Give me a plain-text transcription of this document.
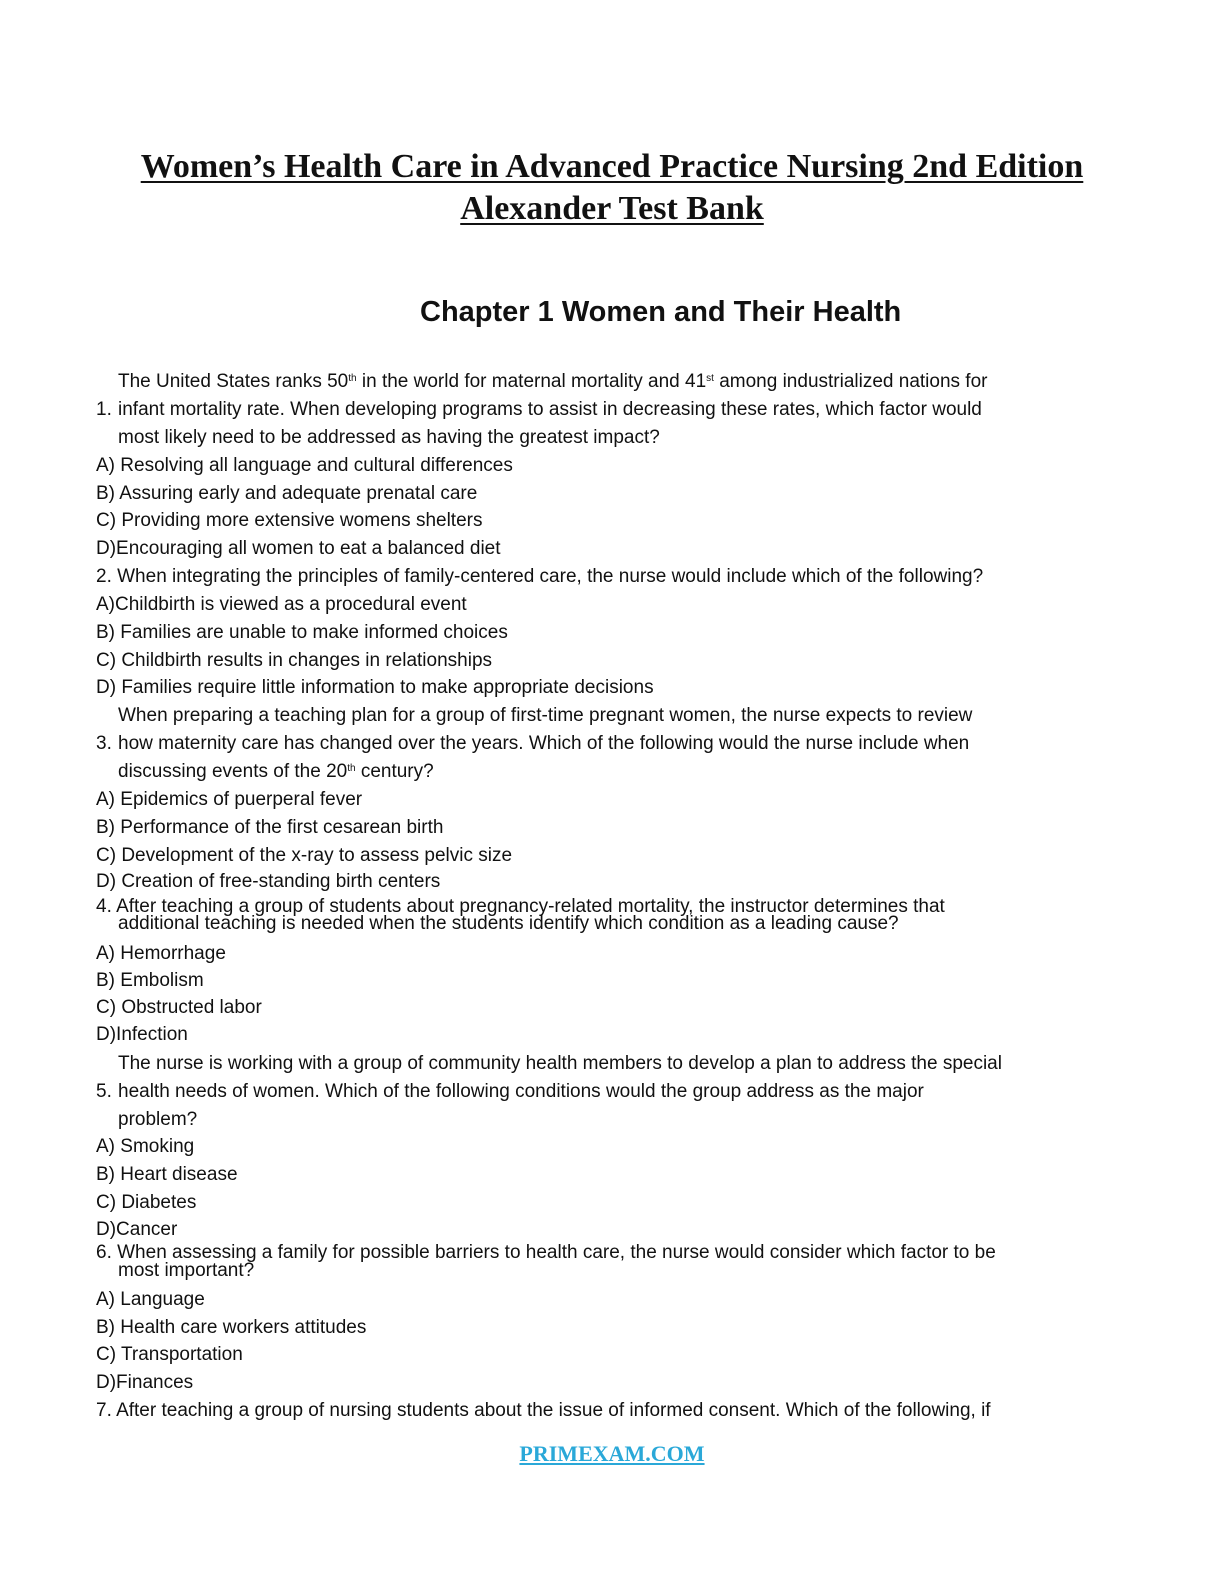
Women’s Health Care in Advanced Practice Nursing 2nd Edition
Alexander Test Bank
Chapter 1 Women and Their Health
The United States ranks 50th in the world for maternal mortality and 41st among industrialized nations for
1. infant mortality rate. When developing programs to assist in decreasing these rates, which factor would
most likely need to be addressed as having the greatest impact?
A) Resolving all language and cultural differences
B) Assuring early and adequate prenatal care
C) Providing more extensive womens shelters
D)Encouraging all women to eat a balanced diet
2. When integrating the principles of family-centered care, the nurse would include which of the following?
A)Childbirth is viewed as a procedural event
B) Families are unable to make informed choices
C) Childbirth results in changes in relationships
D) Families require little information to make appropriate decisions
When preparing a teaching plan for a group of first-time pregnant women, the nurse expects to review
3. how maternity care has changed over the years. Which of the following would the nurse include when
discussing events of the 20th century?
A) Epidemics of puerperal fever
B) Performance of the first cesarean birth
C) Development of the x-ray to assess pelvic size
D) Creation of free-standing birth centers
4. After teaching a group of students about pregnancy-related mortality, the instructor determines that
additional teaching is needed when the students identify which condition as a leading cause?
A) Hemorrhage
B) Embolism
C) Obstructed labor
D)Infection
The nurse is working with a group of community health members to develop a plan to address the special
5. health needs of women. Which of the following conditions would the group address as the major
problem?
A) Smoking
B) Heart disease
C) Diabetes
D)Cancer
6. When assessing a family for possible barriers to health care, the nurse would consider which factor to be
most important?
A) Language
B) Health care workers attitudes
C) Transportation
D)Finances
7. After teaching a group of nursing students about the issue of informed consent. Which of the following, if
PRIMEXAM.COM
